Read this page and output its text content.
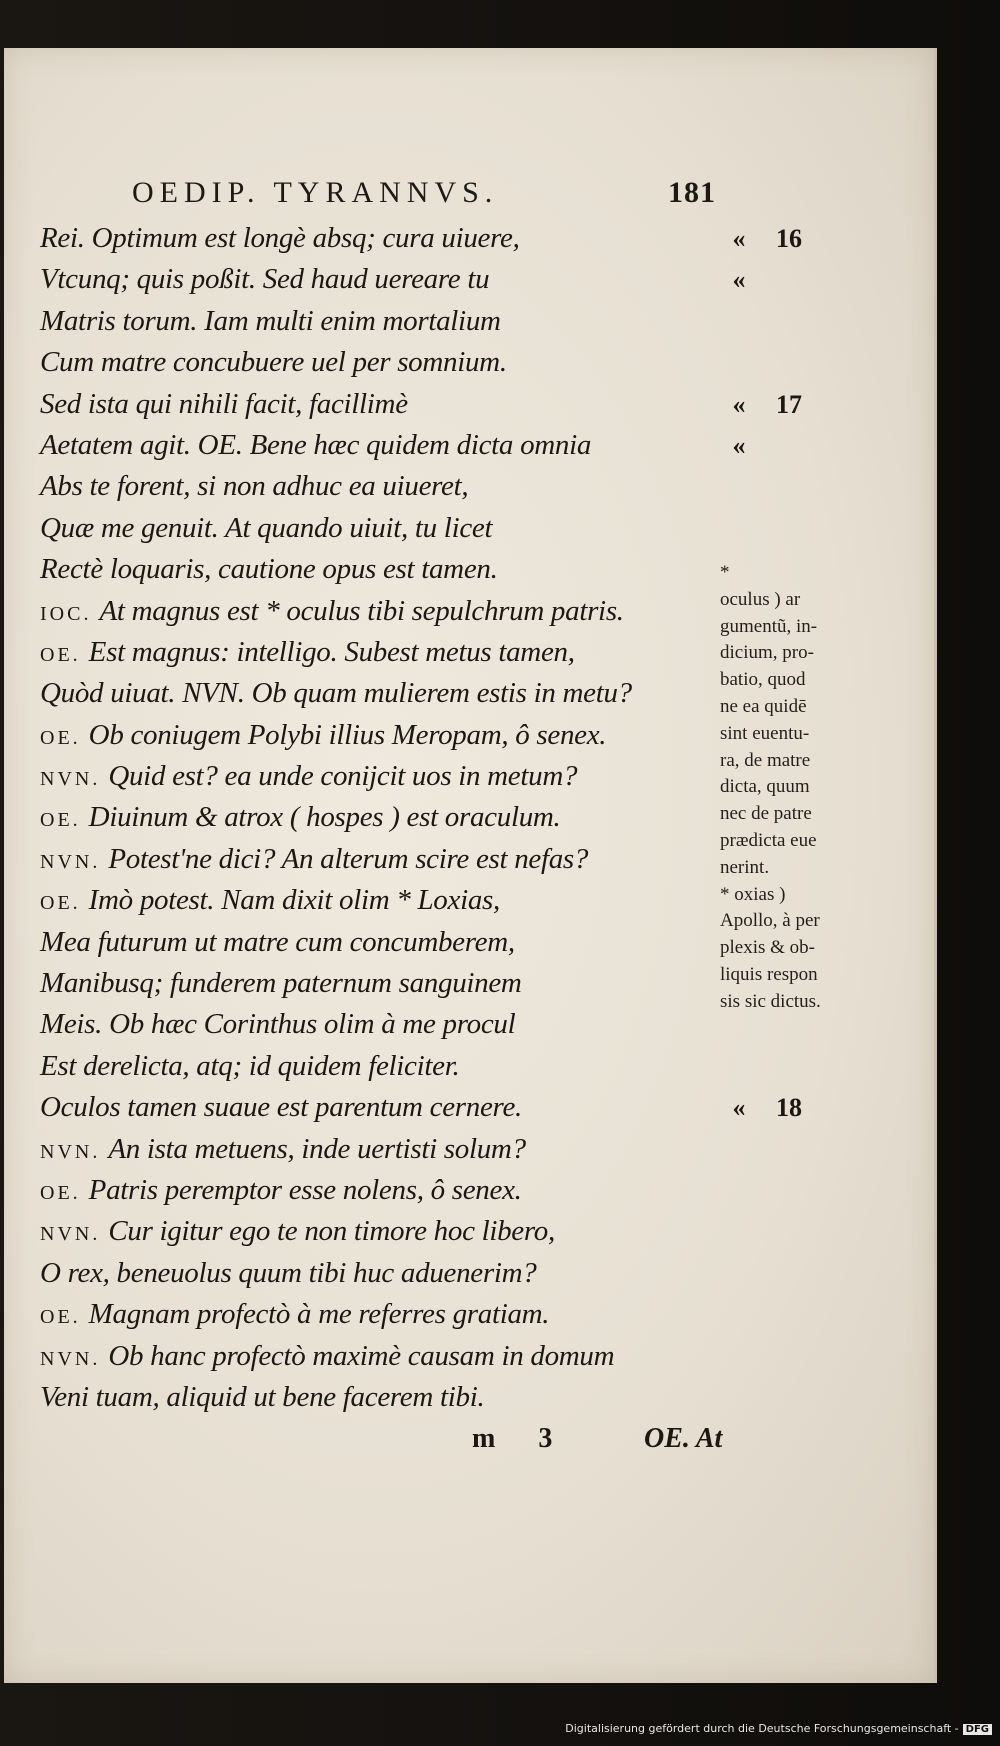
OEDIP. TYRANNVS.	181
Rei. Optimum est longè absq; cura uiuere,
Vtcunq; quis poßit. Sed haud uereare tu
Matris torum. Iam multi enim mortalium
Cum matre concubuere uel per somnium.
Sed ista qui nihili facit, facillimè
Aetatem agit. OE. Bene hæc quidem dicta omnia
Abs te forent, si non adhuc ea uiueret,
Quæ me genuit. At quando uiuit, tu licet
Rectè loquaris, cautione opus est tamen.
IOC. At magnus est * oculus tibi sepulchrum patris.
OE. Est magnus: intelligo. Subest metus tamen,
Quòd uiuat. NVN. Ob quam mulierem estis in metu?
OE. Ob coniugem Polybi illius Meropam, ô senex.
NVN. Quid est? ea unde conijcit uos in metum?
OE. Diuinum & atrox ( hospes ) est oraculum.
NVN. Potest'ne dici? An alterum scire est nefas?
OE. Imò potest. Nam dixit olim * Loxias,
Mea futurum ut matre cum concumberem,
Manibusq; funderem paternum sanguinem
Meis. Ob hæc Corinthus olim à me procul
Est derelicta, atq; id quidem feliciter.
Oculos tamen suaue est parentum cernere.
NVN. An ista metuens, inde uertisti solum?
OE. Patris peremptor esse nolens, ô senex.
NVN. Cur igitur ego te non timore hoc libero,
O rex, beneuolus quum tibi huc aduenerim?
OE. Magnam profectò à me referres gratiam.
NVN. Ob hanc profectò maximè causam in domum
Veni tuam, aliquid ut bene facerem tibi.
«
«
«
«
«
16
17
18
*
oculus ) ar
gumentũ, in-
dicium, pro-
batio, quod
ne ea quidē
sint euentu-
ra, de matre
dicta, quum
nec de patre
prædicta eue
nerint.
* oxias )
Apollo, à per
plexis & ob-
liquis respon
sis sic dictus.
m 3	OE. At
Digitalisierung gefördert durch die Deutsche Forschungsgemeinschaft - DFG
